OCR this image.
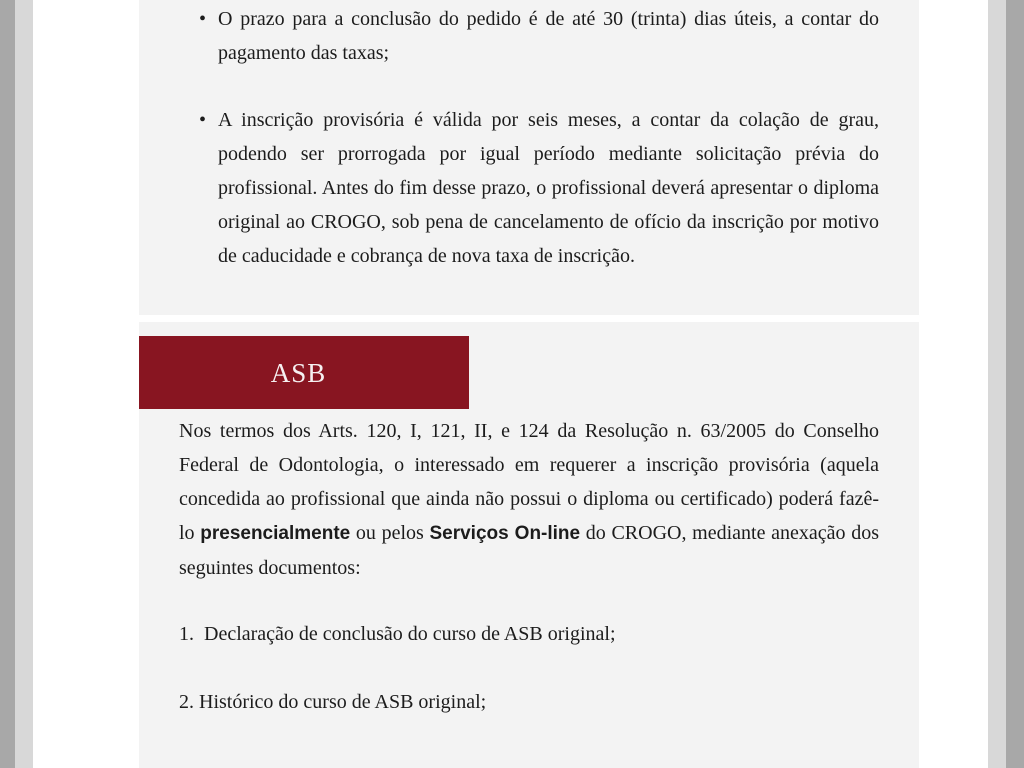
• O prazo para a conclusão do pedido é de até 30 (trinta) dias úteis, a contar do pagamento das taxas;
• A inscrição provisória é válida por seis meses, a contar da colação de grau, podendo ser prorrogada por igual período mediante solicitação prévia do profissional. Antes do fim desse prazo, o profissional deverá apresentar o diploma original ao CROGO, sob pena de cancelamento de ofício da inscrição por motivo de caducidade e cobrança de nova taxa de inscrição.
ASB

Nos termos dos Arts. 120, I, 121, II, e 124 da Resolução n. 63/2005 do Conselho Federal de Odontologia, o interessado em requerer a inscrição provisória (aquela concedida ao profissional que ainda não possui o diploma ou certificado) poderá fazê-lo presencialmente ou pelos Serviços On-line do CROGO, mediante anexação dos seguintes documentos:

1.  Declaração de conclusão do curso de ASB original;
2. Histórico do curso de ASB original;
